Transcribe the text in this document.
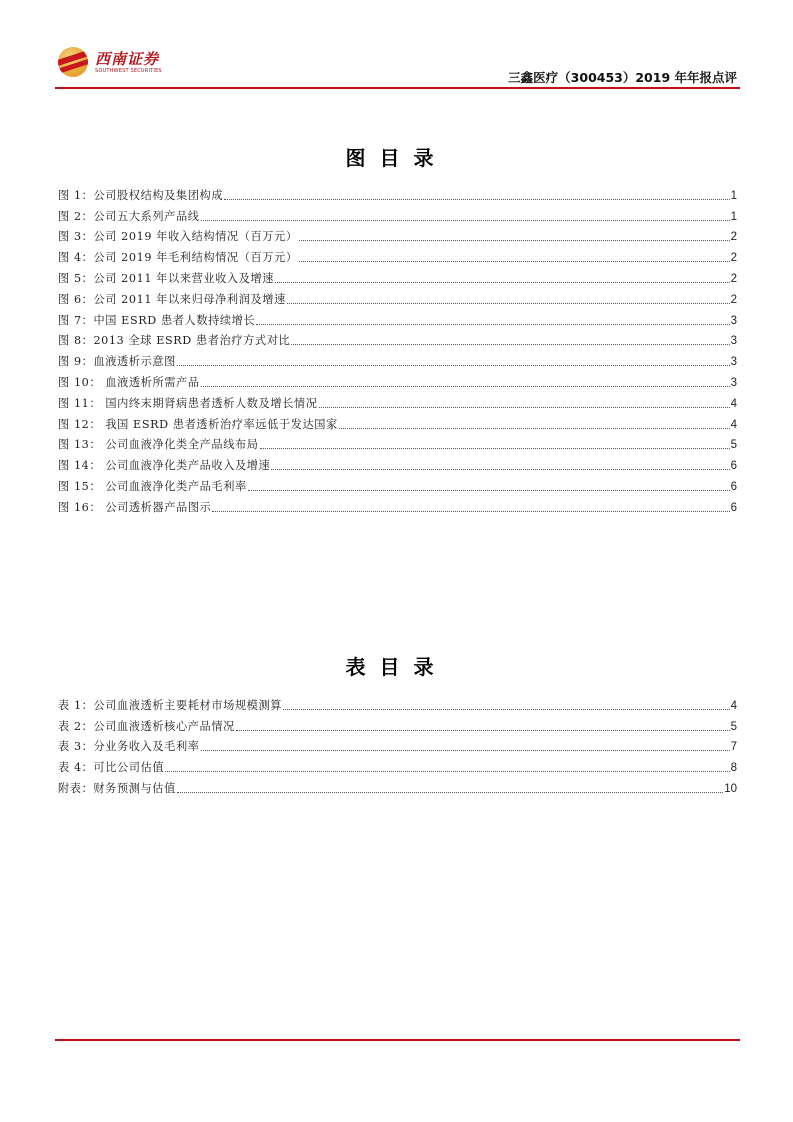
西南证券
SOUTHWEST SECURITIES	三鑫医疗（300453）2019 年年报点评
图目录
图 1：公司股权结构及集团构成	1
图 2：公司五大系列产品线	1
图 3：公司 2019 年收入结构情况（百万元）	2
图 4：公司 2019 年毛利结构情况（百万元）	2
图 5：公司 2011 年以来营业收入及增速	2
图 6：公司 2011 年以来归母净利润及增速	2
图 7：中国 ESRD 患者人数持续增长	3
图 8：2013 全球 ESRD 患者治疗方式对比	3
图 9：血液透析示意图	3
图 10： 血液透析所需产品	3
图 11： 国内终末期肾病患者透析人数及增长情况	4
图 12： 我国 ESRD 患者透析治疗率远低于发达国家	4
图 13： 公司血液净化类全产品线布局	5
图 14： 公司血液净化类产品收入及增速	6
图 15： 公司血液净化类产品毛利率	6
图 16： 公司透析器产品图示	6
表目录
表 1：公司血液透析主要耗材市场规模测算	4
表 2：公司血液透析核心产品情况	5
表 3：分业务收入及毛利率	7
表 4：可比公司估值	8
附表：财务预测与估值	10
